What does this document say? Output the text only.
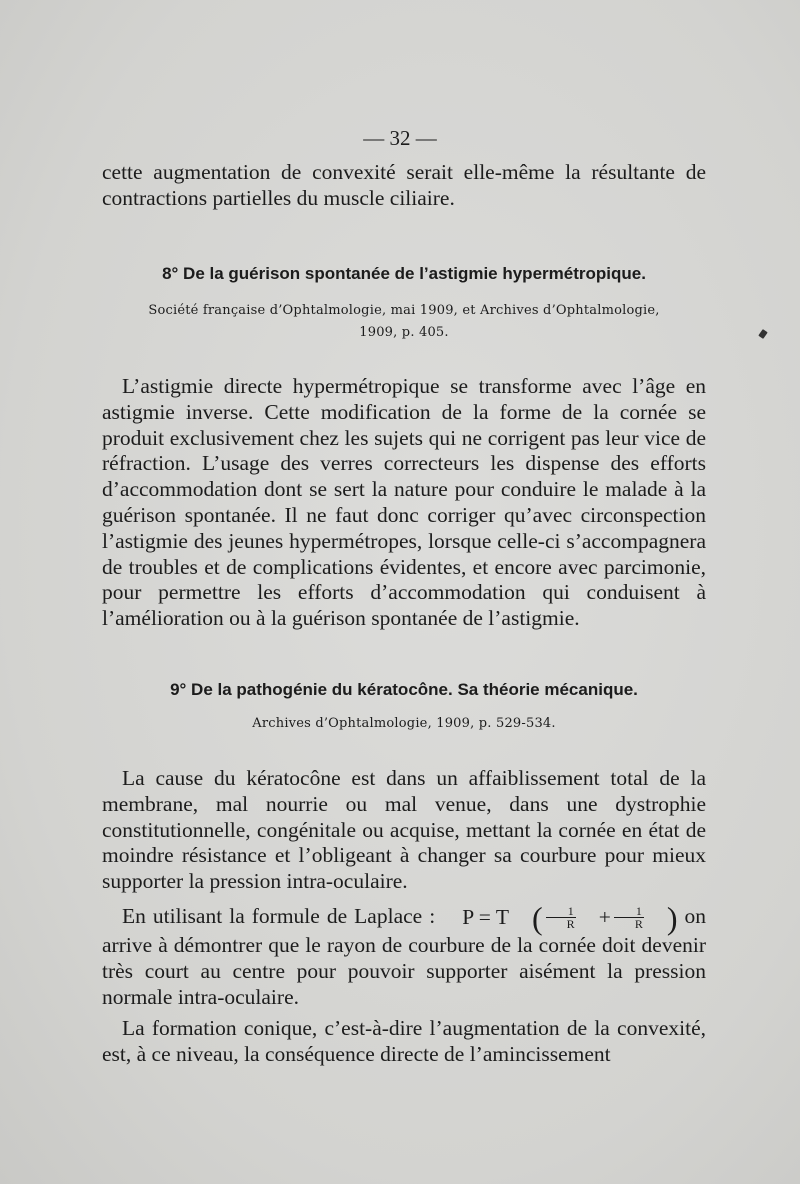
— 32 —

cette augmentation de convexité serait elle-même la résultante de contractions partielles du muscle ciliaire.

8° De la guérison spontanée de l’astigmie hypermétropique.
Société française d’Ophtalmologie, mai 1909, et Archives d’Ophtalmologie,
1909, p. 405.

L’astigmie directe hypermétropique se transforme avec l’âge en astigmie inverse. Cette modification de la forme de la cornée se produit exclusivement chez les sujets qui ne corrigent pas leur vice de réfraction. L’usage des verres correcteurs les dispense des efforts d’accommodation dont se sert la nature pour conduire le malade à la guérison spontanée. Il ne faut donc corriger qu’avec circonspection l’astigmie des jeunes hypermétropes, lorsque celle-ci s’accompagnera de troubles et de complications évidentes, et encore avec parcimonie, pour permettre les efforts d’accommodation qui conduisent à l’amélioration ou à la guérison spontanée de l’astigmie.

9° De la pathogénie du kératocône. Sa théorie mécanique.
Archives d’Ophtalmologie, 1909, p. 529-534.

La cause du kératocône est dans un affaiblissement total de la membrane, mal nourrie ou mal venue, dans une dystrophie constitutionnelle, congénitale ou acquise, mettant la cornée en état de moindre résistance et l’obligeant à changer sa courbure pour mieux supporter la pression intra-oculaire.

En utilisant la formule de Laplace :	P = T ( $\frac{1}{R}$	+ $\frac{1}{R}$ ) on arrive à démontrer que le rayon de courbure de la cornée doit devenir très court au centre pour pouvoir supporter aisément la pression normale intra-oculaire.

La formation conique, c’est-à-dire l’augmentation de la convexité, est, à ce niveau, la conséquence directe de l’amincissement
